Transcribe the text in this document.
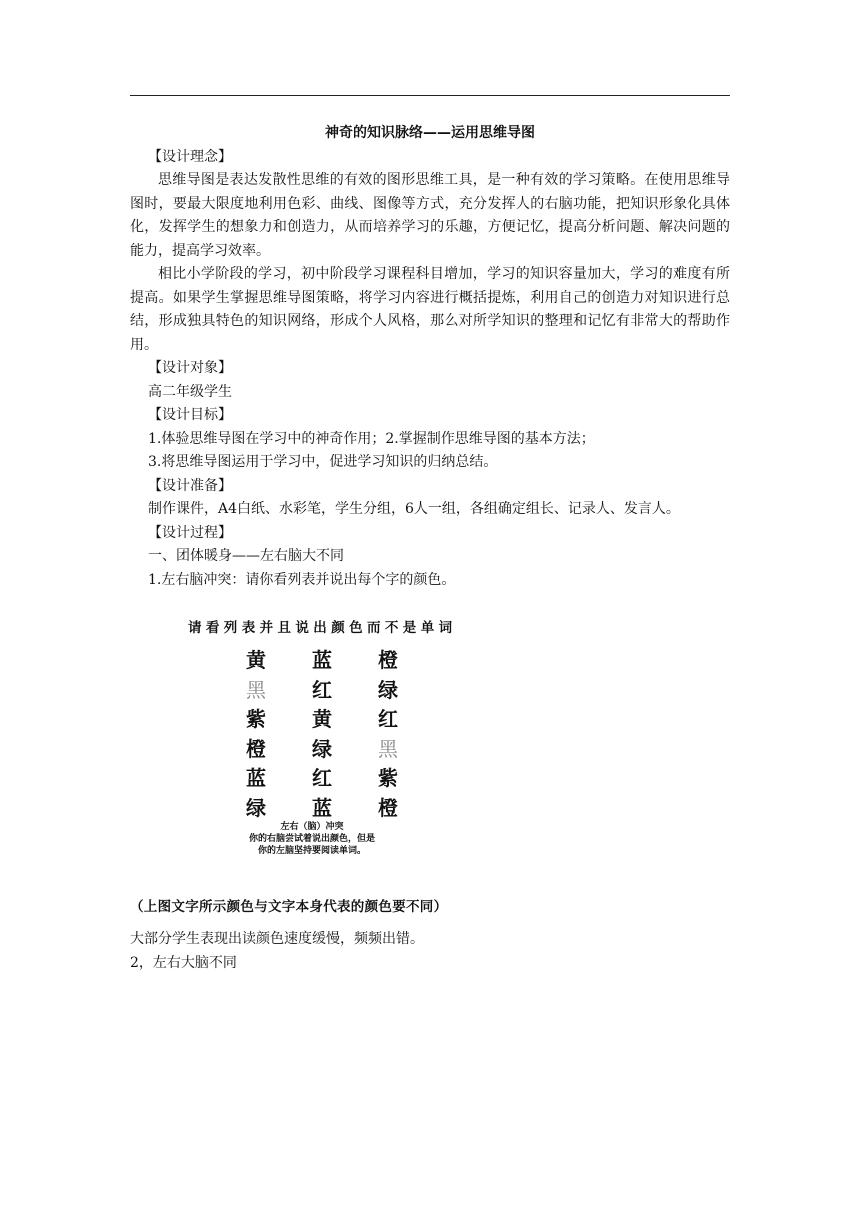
神奇的知识脉络——运用思维导图

【设计理念】

思维导图是表达发散性思维的有效的图形思维工具，是一种有效的学习策略。在使用思维导图时，要最大限度地利用色彩、曲线、图像等方式，充分发挥人的右脑功能，把知识形象化具体化，发挥学生的想象力和创造力，从而培养学习的乐趣，方便记忆，提高分析问题、解决问题的能力，提高学习效率。

相比小学阶段的学习，初中阶段学习课程科目增加，学习的知识容量加大，学习的难度有所提高。如果学生掌握思维导图策略，将学习内容进行概括提炼，利用自己的创造力对知识进行总结，形成独具特色的知识网络，形成个人风格，那么对所学知识的整理和记忆有非常大的帮助作用。

【设计对象】

高二年级学生

【设计目标】

1.体验思维导图在学习中的神奇作用；2.掌握制作思维导图的基本方法；

3.将思维导图运用于学习中，促进学习知识的归纳总结。

【设计准备】

制作课件，A4白纸、水彩笔，学生分组，6人一组，各组确定组长、记录人、发言人。

【设计过程】

一、团体暖身——左右脑大不同

1.左右脑冲突：请你看列表并说出每个字的颜色。

请看列表并且说出颜色而不是单词
黄 蓝 橙
黑 红 绿
紫 黄 红
橙 绿 黑
蓝 红 紫
绿 蓝 橙
左右（脑）冲突
你的右脑尝试着说出颜色，但是
你的左脑坚持要阅读单词。

（上图文字所示颜色与文字本身代表的颜色要不同）

大部分学生表现出读颜色速度缓慢，频频出错。

2，左右大脑不同
